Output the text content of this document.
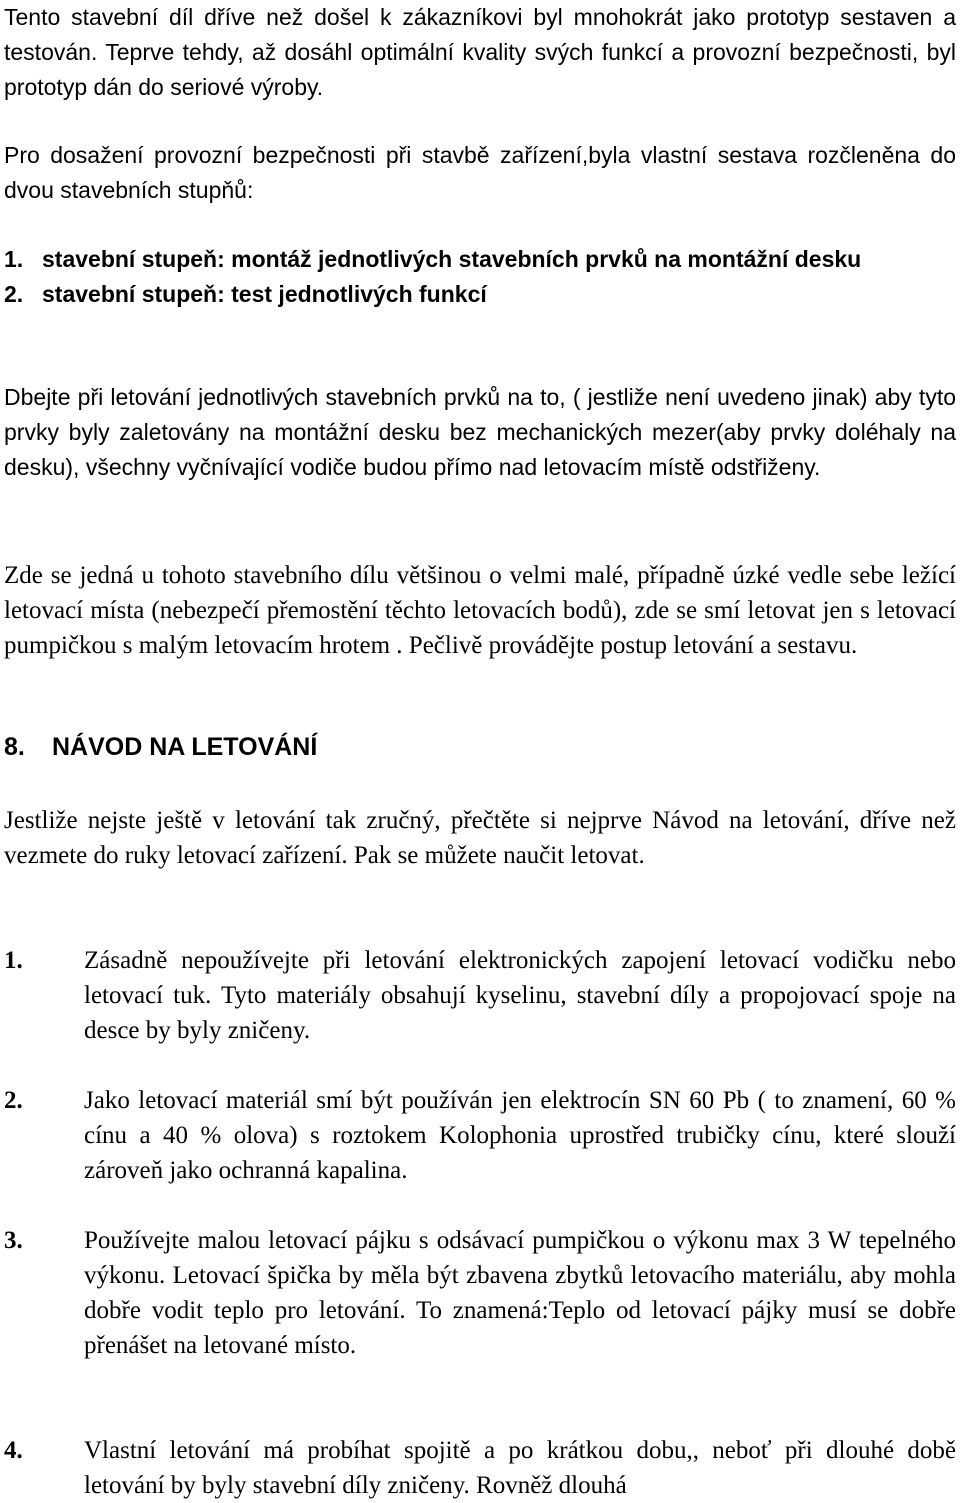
Tento stavební díl dříve než došel k zákazníkovi byl mnohokrát jako prototyp sestaven a testován. Teprve tehdy, až dosáhl optimální kvality svých funkcí a provozní bezpečnosti, byl prototyp dán do seriové výroby.

Pro dosažení provozní bezpečnosti při stavbě zařízení,byla vlastní sestava rozčleněna do dvou stavebních stupňů:

1. stavební stupeň: montáž jednotlivých stavebních prvků na montážní desku
2. stavební stupeň: test jednotlivých funkcí

Dbejte při letování jednotlivých stavebních prvků na to, ( jestliže není uvedeno jinak) aby tyto prvky byly zaletovány na montážní desku bez mechanických mezer(aby prvky doléhaly na desku), všechny vyčnívající vodiče budou přímo nad letovacím místě odstřiženy.

Zde se jedná u tohoto stavebního dílu většinou o velmi malé, případně úzké vedle sebe ležící letovací místa (nebezpečí přemostění těchto letovacích bodů), zde se smí letovat jen s letovací pumpičkou s malým letovacím hrotem . Pečlivě provádějte postup letování a sestavu.

8.	NÁVOD NA LETOVÁNÍ

Jestliže nejste ještě v letování tak zručný, přečtěte si nejprve Návod na letování, dříve než vezmete do ruky letovací zařízení. Pak se můžete naučit letovat.

1.	Zásadně nepoužívejte při letování elektronických zapojení letovací vodičku nebo letovací tuk. Tyto materiály obsahují kyselinu, stavební díly a propojovací spoje na desce by byly zničeny.
2.	Jako letovací materiál smí být používán jen elektrocín SN 60 Pb ( to znamení, 60 % cínu a 40 % olova) s roztokem Kolophonia uprostřed trubičky cínu, které slouží zároveň jako ochranná kapalina.
3.	Používejte malou letovací pájku s odsávací pumpičkou o výkonu max 3 W tepelného výkonu. Letovací špička by měla být zbavena zbytků letovacího materiálu, aby mohla dobře vodit teplo pro letování. To znamená:Teplo od letovací pájky musí se dobře přenášet na letované místo.
4.	Vlastní letování má probíhat spojitě a po krátkou dobu,, neboť při dlouhé době letování by byly stavební díly zničeny. Rovněž dlouhá
